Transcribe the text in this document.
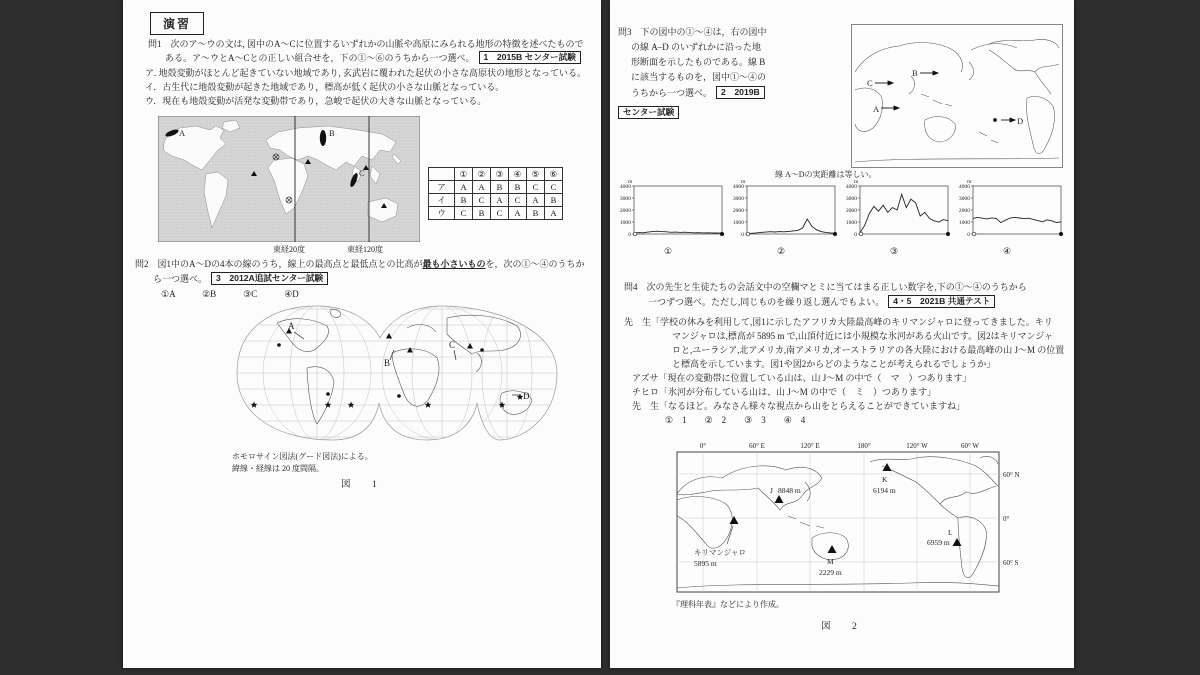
演習
問1　次のア～ウの文は, 図中のA～Cに位置するいずれかの山脈や高原にみられる地形の特徴を述べたもので
ある。ア～ウとA～Cとの正しい組合せを，下の①～⑥のうちから一つ選べ。 1　2015B センター試験
ア. 地殻変動がほとんど起きていない地域であり, 玄武岩に覆われた起伏の小さな高原状の地形となっている。
イ．古生代に地殻変動が起きた地域であり，標高が低く起伏の小さな山脈となっている。
ウ．現在も地殻変動が活発な変動帯であり，急峻で起伏の大きな山脈となっている。
A	B
C
東経20度	東経120度
	①	②	③	④	⑤	⑥
ア	A	A	B	B	C	C
イ	B	C	A	C	A	B
ウ	C	B	C	A	B	A
問2　図1中のA～Dの4本の線のうち，線上の最高点と最低点との比高が最も小さいものを，次の①～④のうちか
ら一つ選べ。 3　2012A追試センター試験
①A　　　②B　　　③C　　　④D
A
B
C
D
ホモロサイン図法(グード図法)による。
緯線・経線は 20 度間隔。
図　1
問3　下の図中の①～④は，右の図中
の線 A–D のいずれかに沿った地
形断面を示したものである。線 B
に該当するものを，図中①～④の
うちから一つ選べ。 2　2019B
センター試験	A
B
C
D
線 A～Dの実距離は等しい。
4000
3000
2000
1000
0
m
①
4000
3000
2000
1000
0
m
②
4000
3000
2000
1000
0
m
③
4000
3000
2000
1000
0
m
④
問4　次の先生と生徒たちの会話文中の空欄マとミに当てはまる正しい数字を,下の①～④のうちから
一つずつ選べ。ただし,同じものを繰り返し選んでもよい。 4・5　2021B 共通テスト
先　生「学校の休みを利用して,図1に示したアフリカ大陸最高峰のキリマンジャロに登ってきました。キリ
マンジャロは,標高が 5895 m で,山頂付近には小規模な氷河がある火山です。図2はキリマンジャ
ロと,ユーラシア,北アメリカ,南アメリカ,オーストラリアの各大陸における最高峰の山 J～M の位置
と標高を示しています。図1や図2からどのようなことが考えられるでしょうか」
アズサ「現在の変動帯に位置している山は、山 J～M の中で（　マ　）つあります」
チヒロ「氷河が分布している山は、山 J～M の中で（　ミ　）つあります」
先　生「なるほど。みなさん様々な視点から山をとらえることができていますね」
①　1　　②　2　　③　3　　④　4
0°	60° E	120° E	180°	120° W	60° W
60° N
0°
60° S
J 8848 m
K
6194 m
L
6959 m
M
2229 m
キリマンジャロ
5895 m
『理科年表』などにより作成。
図　2
